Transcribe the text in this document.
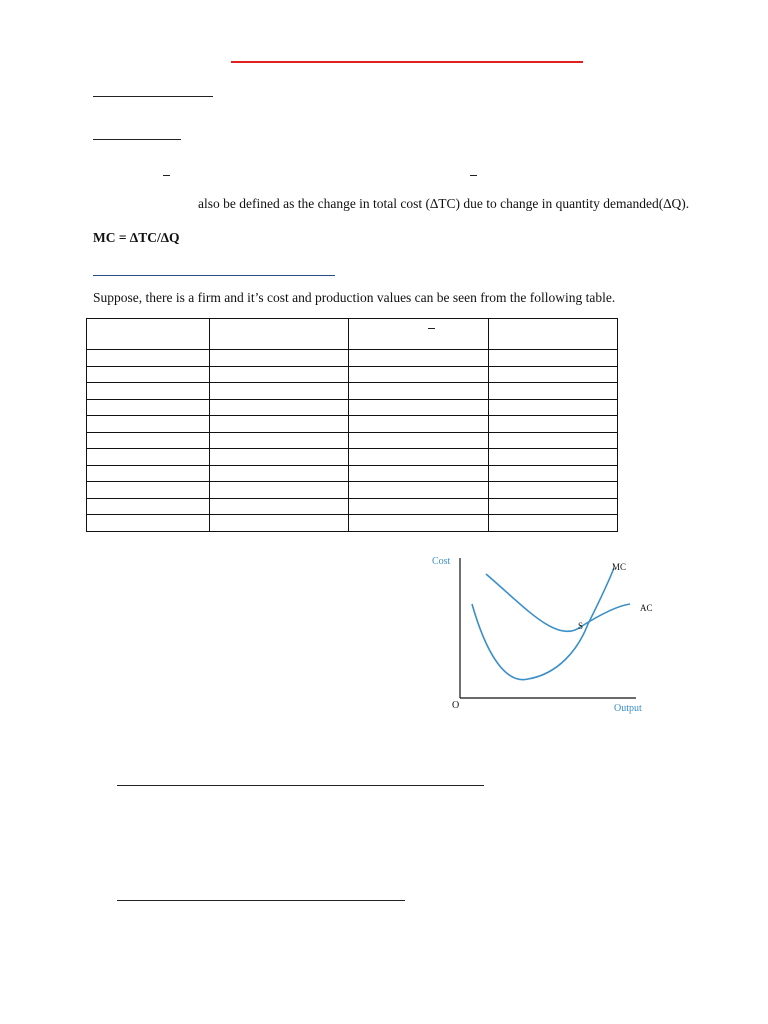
also be defined as the change in total cost (∆TC) due to change in quantity demanded(∆Q).
MC = ∆TC/∆Q
Suppose, there is a firm and it’s cost and production values can be seen from the following table.

Cost
Output
O
MC
AC
S
